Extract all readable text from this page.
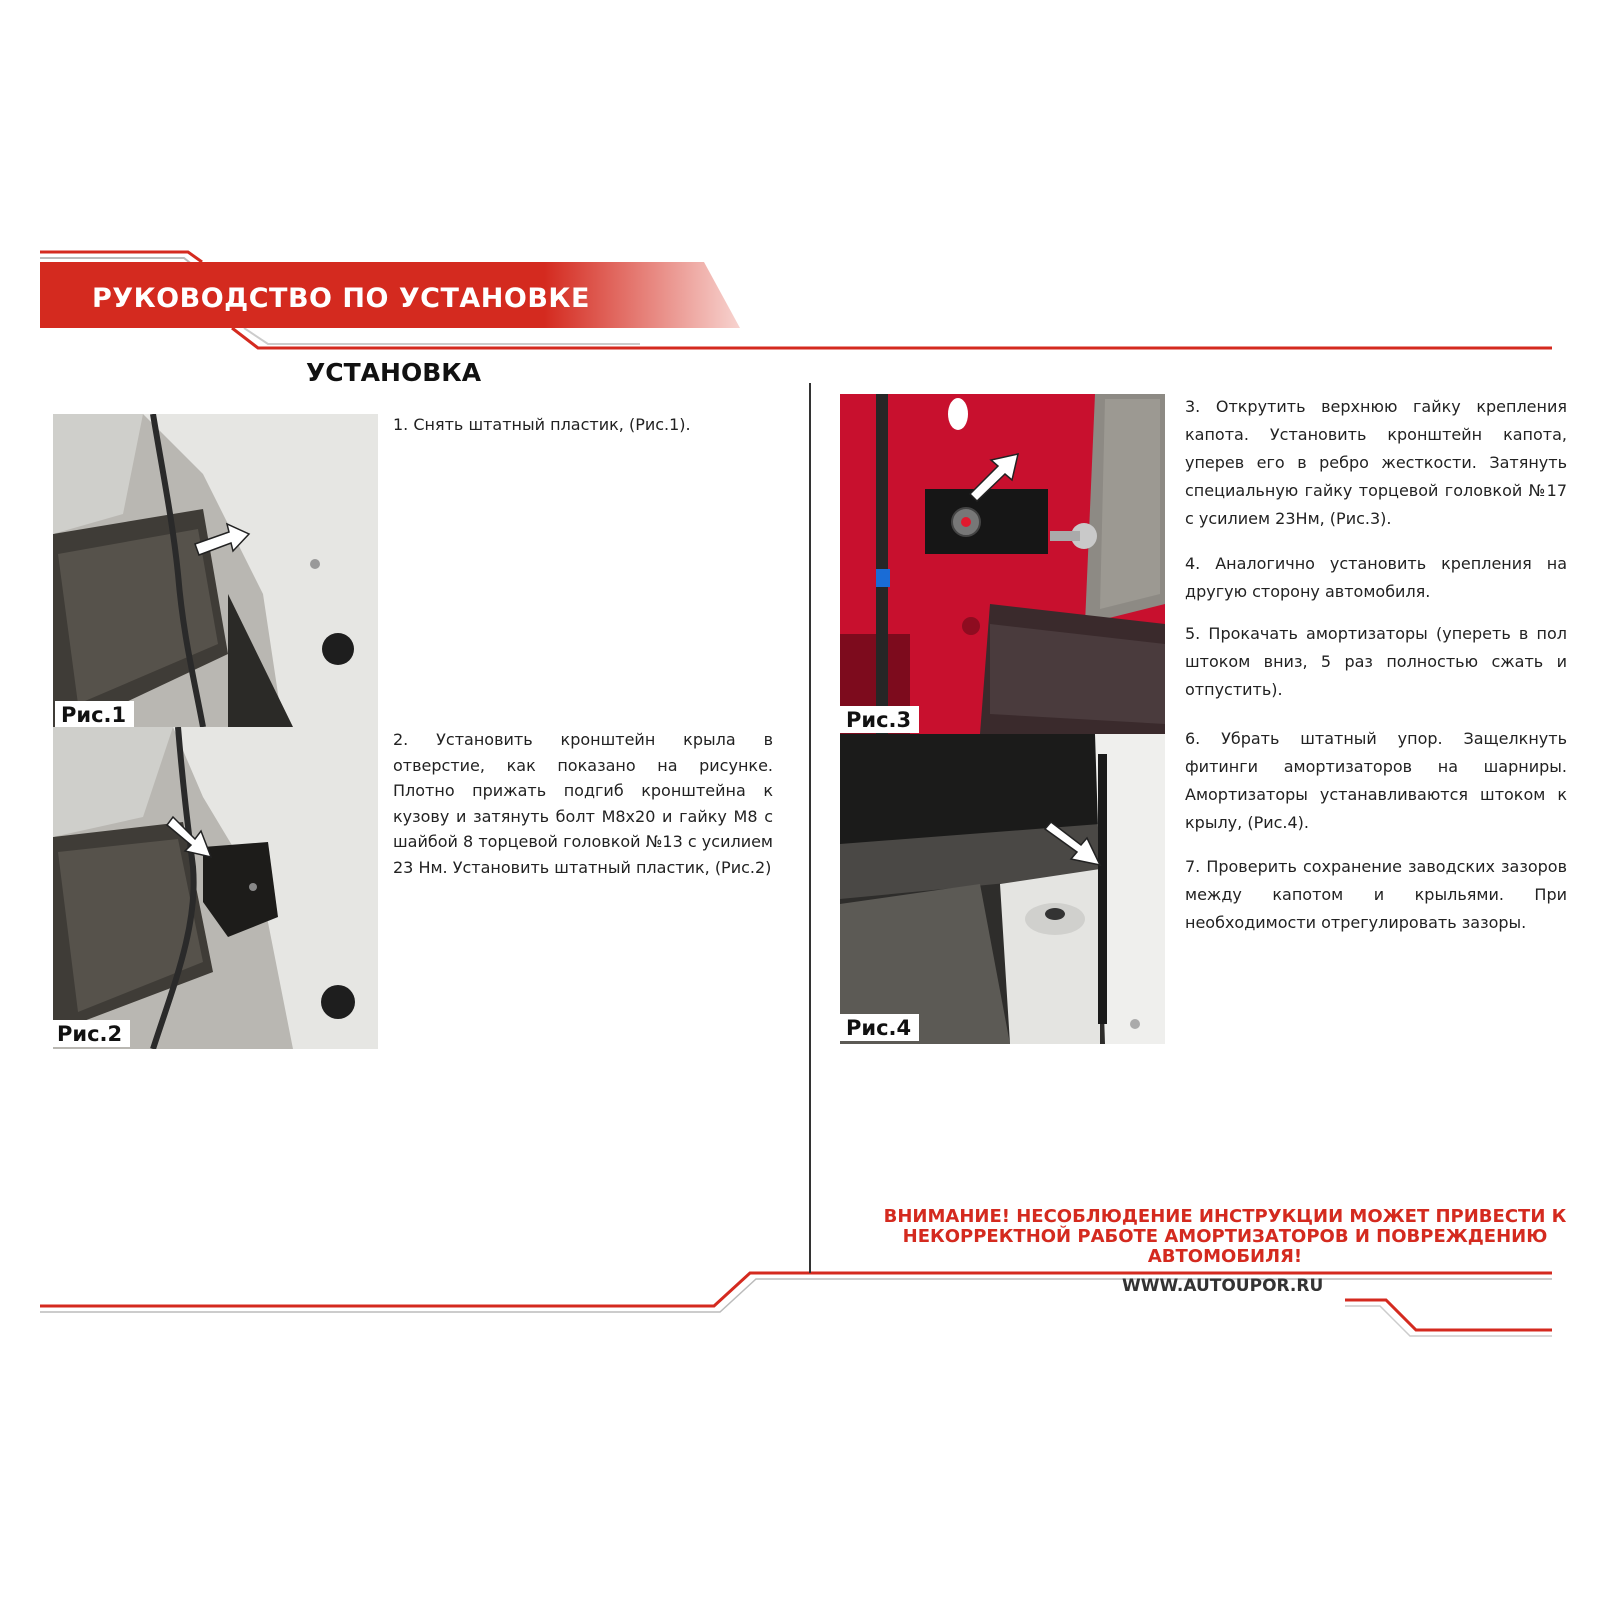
РУКОВОДСТВО ПО УСТАНОВКЕ
УСТАНОВКА
Рис.1
Рис.2
Рис.3
Рис.4
1. Снять штатный пластик, (Рис.1).
2. Установить кронштейн крыла в отверстие, как показано на рисунке. Плотно прижать подгиб кронштейна к кузову и затянуть болт М8х20 и гайку М8 с шайбой 8 торцевой головкой №13 с усилием 23 Нм. Установить штатный пластик, (Рис.2)
3. Открутить верхнюю гайку крепления капота. Установить кронштейн капота, уперев его в ребро жесткости. Затянуть специальную гайку торцевой головкой №17 с усилием 23Нм, (Рис.3).
4. Аналогично установить крепления на другую сторону автомобиля.
5. Прокачать амортизаторы (упереть в пол штоком вниз, 5 раз полностью сжать и отпустить).
6. Убрать штатный упор. Защелкнуть фитинги амортизаторов на шарниры. Амортизаторы устанавливаются штоком к крылу, (Рис.4).
7. Проверить сохранение заводских зазоров между капотом и крыльями. При необходимости отрегулировать зазоры.
ВНИМАНИЕ! НЕСОБЛЮДЕНИЕ ИНСТРУКЦИИ МОЖЕТ ПРИВЕСТИ К НЕКОРРЕКТНОЙ РАБОТЕ АМОРТИЗАТОРОВ И ПОВРЕЖДЕНИЮ АВТОМОБИЛЯ!
WWW.AUTOUPOR.RU
